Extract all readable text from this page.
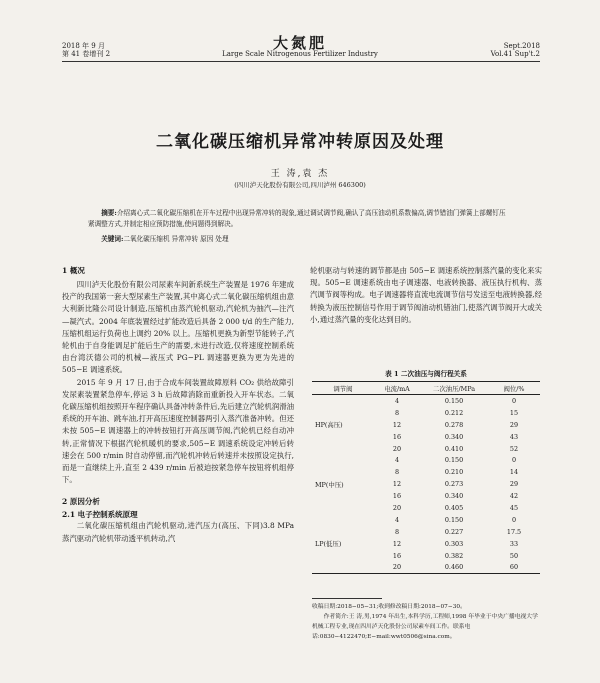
2018 年 9 月
第 41 卷增刊 2
大氮肥
Large Scale Nitrogenous Fertilizer Industry
Sept.2018
Vol.41 Sup't.2
二氧化碳压缩机异常冲转原因及处理
王 涛,袁 杰
(四川泸天化股份有限公司,四川泸州 646300)

摘要:介绍离心式二氧化碳压缩机在开车过程中出现异常冲转的现象,通过调试调节阀,确认了高压油动机系数偏高,调节错油门弹簧上部螺钉压紧调整方式,并制定相应预防措施,使问题得到解决。

关键词:二氧化碳压缩机 异常冲转 原因 处理
1 概况

四川泸天化股份有限公司尿素车间新系统生产装置是 1976 年建成投产的我国第一套大型尿素生产装置,其中离心式二氧化碳压缩机组由意大利新比隆公司设计制造,压缩机由蒸汽轮机驱动,汽轮机为抽汽—注汽—凝汽式。2004 年底装置经过扩能改造后具备 2 000 t/d 的生产能力,压缩机组运行负荷也上调约 20% 以上。压缩机更换为新型节能转子,汽轮机由于自身能调足扩能后生产的需要,未进行改造,仅将速度控制系统由台湾沃德公司的机械—液压式 PG−PL 调速器更换为更为先进的 505−E 调速系统。

2015 年 9 月 17 日,由于合成车间装置故障原料 CO₂ 供给故障引发尿素装置紧急停车,停运 3 h 后故障消除而重新投入开车状态。二氧化碳压缩机组按照开车程序确认具备冲转条件后,先后建立汽轮机润滑油系统的开车油、跳车油,打开高压速度控制器两引入蒸汽准备冲转。但还未按 505−E 调速器上的冲转按钮打开高压调节阀,汽轮机已经自动冲转,正常情况下根据汽轮机暖机的要求,505−E 调速系统设定冲转后转速会在 500 r/min 时自动停留,而汽轮机冲转后转速并未按照设定执行,而是一直继续上升,直至 2 439 r/min 后被迫按紧急停车按钮将机组停下。

2 原因分析
2.1 电子控制系统原理

二氧化碳压缩机组由汽轮机驱动,进汽压力(高压、下同)3.8 MPa 蒸汽驱动汽轮机带动透平机转动,汽

轮机驱动与转速的调节都是由 505−E 调速系统控制蒸汽量的变化来实现。505−E 调速系统由电子调速器、电液转换器、液压执行机构、蒸汽调节阀等构成。电子调速器将直流电流调节信号发送至电液转换器,经转换为液压控制信号作用于调节阀油动机错油门,使蒸汽调节阀开大或关小,通过蒸汽量的变化达到目的。

表 1 二次油压与阀行程关系
调节阀	电流/mA	二次油压/MPa	阀位/%
	4	0.150	0
	8	0.212	15
HP(高压)	12	0.278	29
	16	0.340	43
	20	0.410	52
	4	0.150	0
	8	0.210	14
MP(中压)	12	0.273	29
	16	0.340	42
	20	0.405	45
	4	0.150	0
	8	0.227	17.5
LP(低压)	12	0.303	33
	16	0.382	50
	20	0.460	60

收稿日期:2018−05−31;收到修改稿日期:2018−07−30。

作者简介:王 涛,男,1974 年出生,本科学历,工程师,1998 年毕业于中央广播电视大学机械工程专业,现在四川泸天化股份公司尿素车间工作。联系电话:0830−4122470;E−mail:wwt0506@sina.com。
